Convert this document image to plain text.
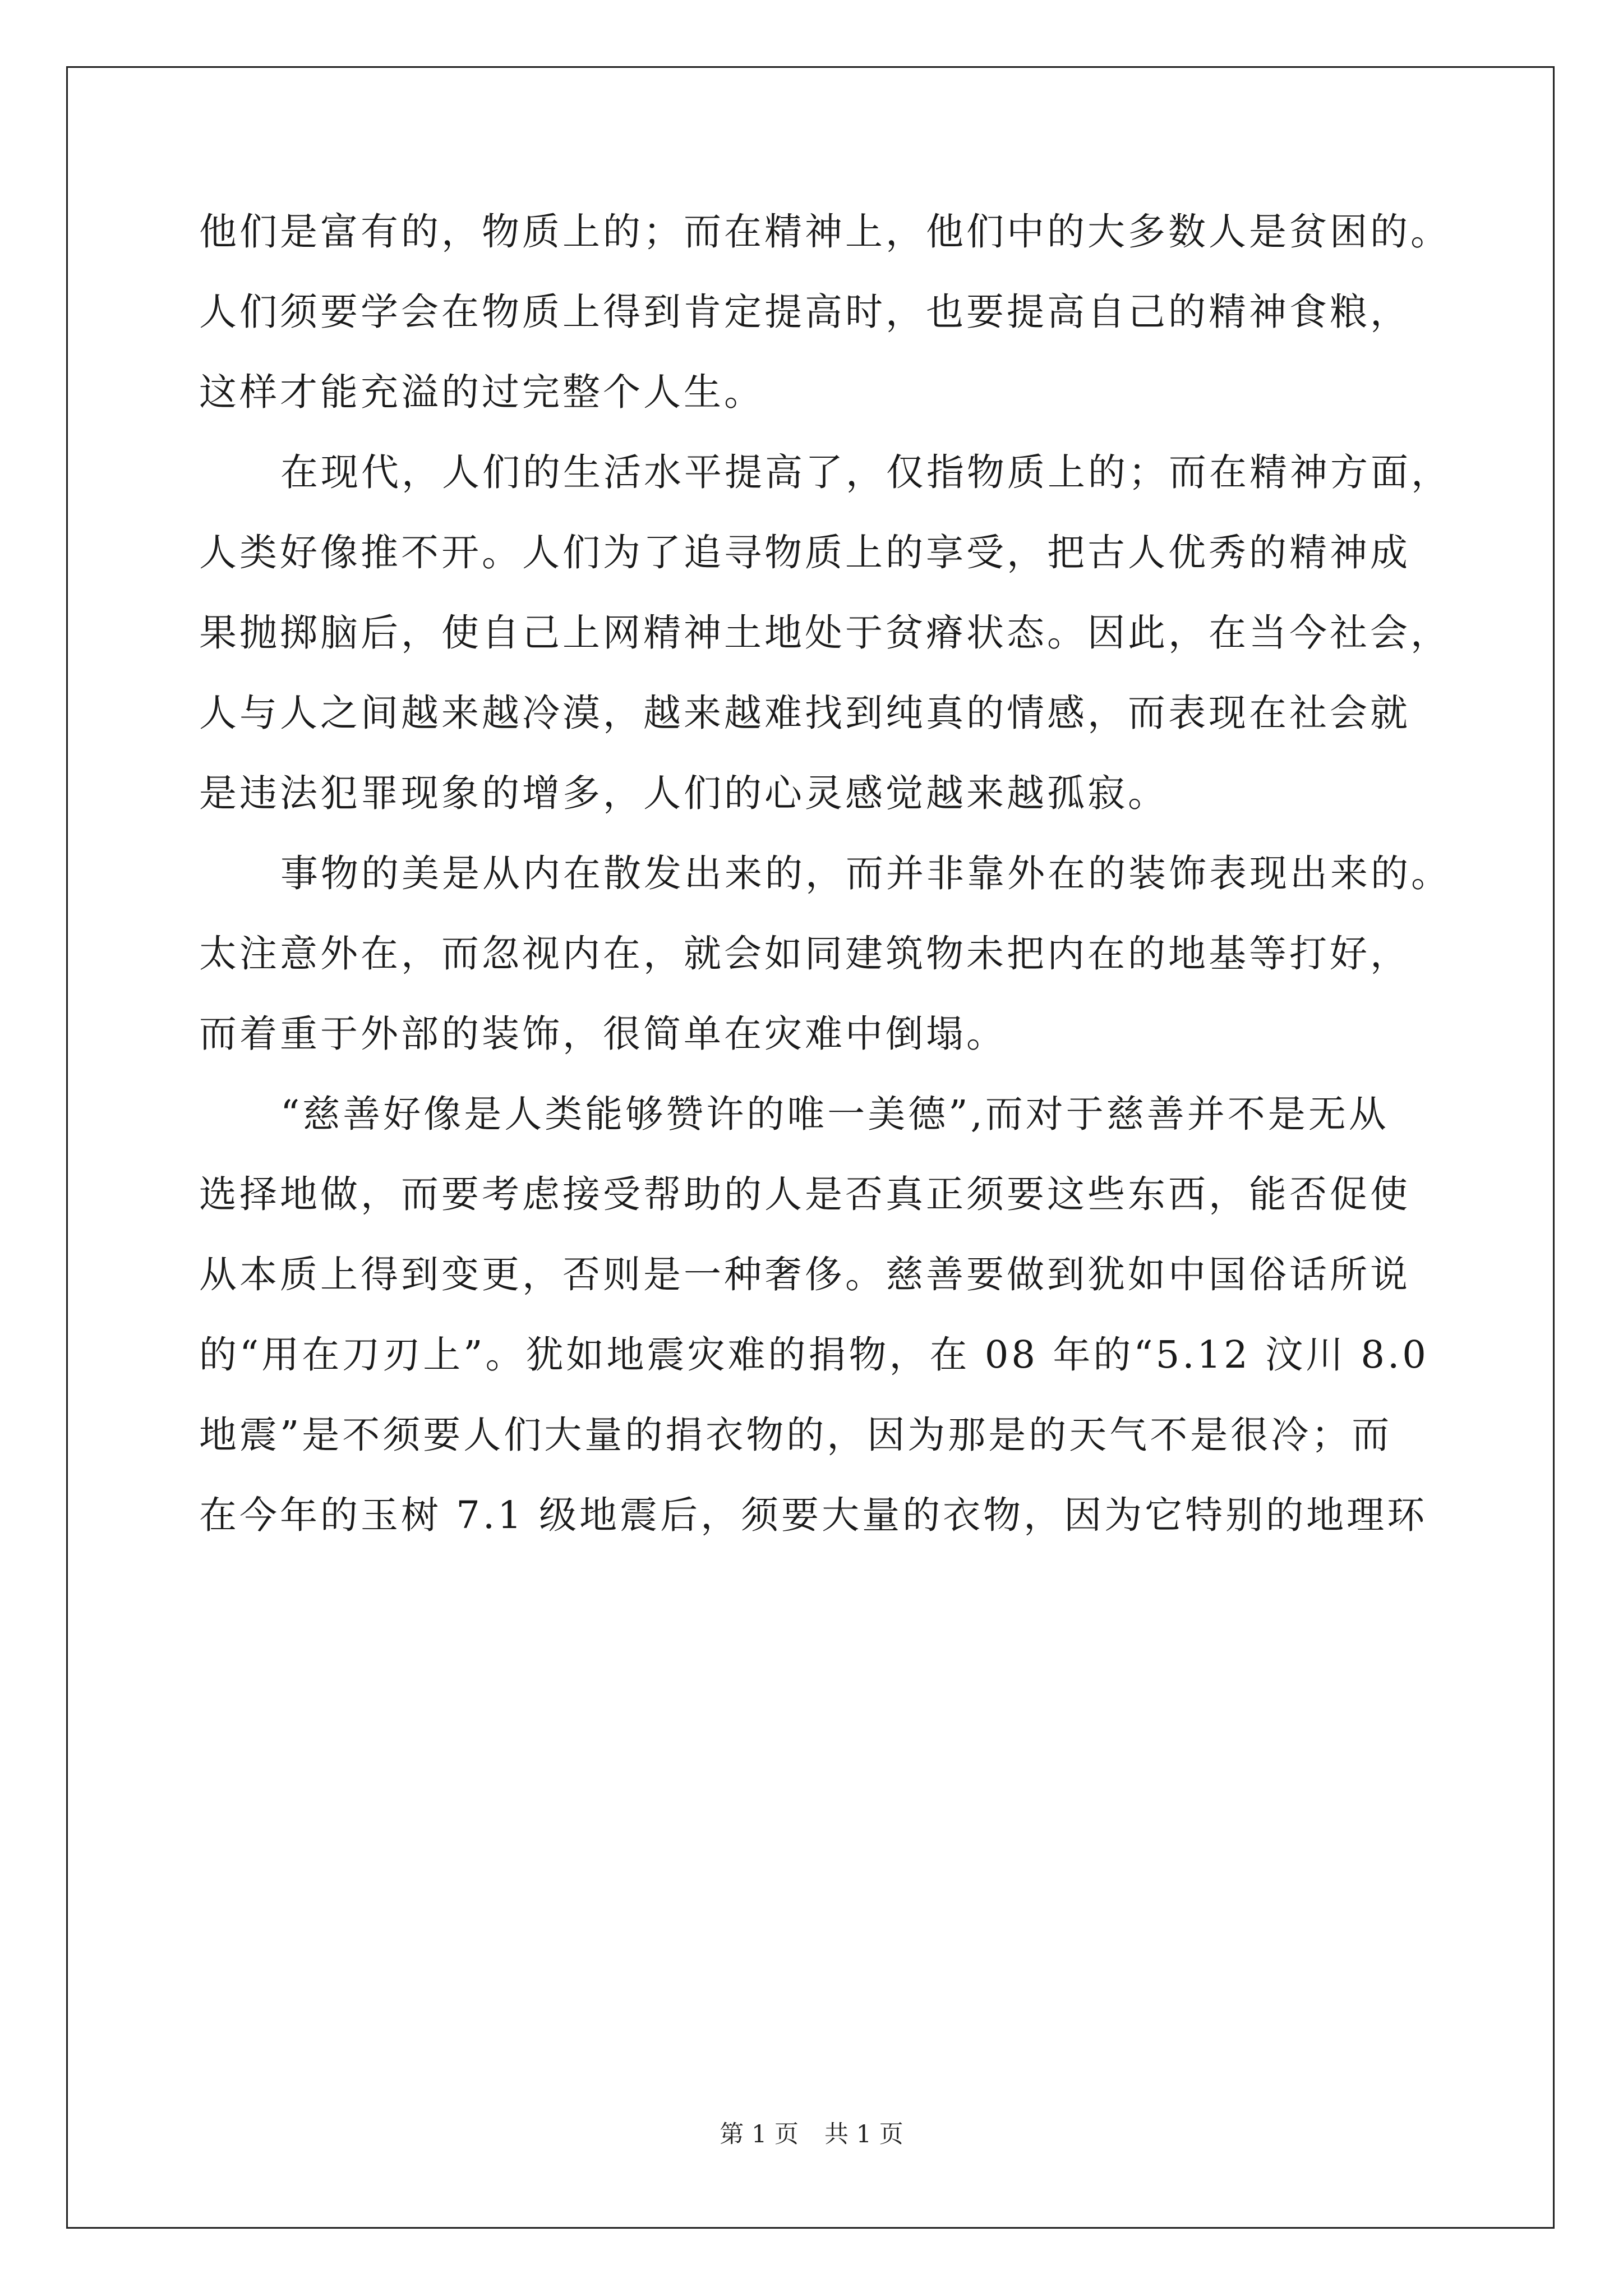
他们是富有的，物质上的；而在精神上，他们中的大多数人是贫困的。
人们须要学会在物质上得到肯定提高时，也要提高自己的精神食粮，
这样才能充溢的过完整个人生。
在现代，人们的生活水平提高了，仅指物质上的；而在精神方面，
人类好像推不开。人们为了追寻物质上的享受，把古人优秀的精神成
果抛掷脑后，使自己上网精神土地处于贫瘠状态。因此，在当今社会，
人与人之间越来越冷漠，越来越难找到纯真的情感，而表现在社会就
是违法犯罪现象的增多，人们的心灵感觉越来越孤寂。
事物的美是从内在散发出来的，而并非靠外在的装饰表现出来的。
太注意外在，而忽视内在，就会如同建筑物未把内在的地基等打好，
而着重于外部的装饰，很简单在灾难中倒塌。
“慈善好像是人类能够赞许的唯一美德”,而对于慈善并不是无从
选择地做，而要考虑接受帮助的人是否真正须要这些东西，能否促使
从本质上得到变更，否则是一种奢侈。慈善要做到犹如中国俗话所说
的“用在刀刃上”。犹如地震灾难的捐物，在 08 年的“5.12 汶川 8.0
地震”是不须要人们大量的捐衣物的，因为那是的天气不是很冷；而
在今年的玉树 7.1 级地震后，须要大量的衣物，因为它特别的地理环
第 1 页 共 1 页
